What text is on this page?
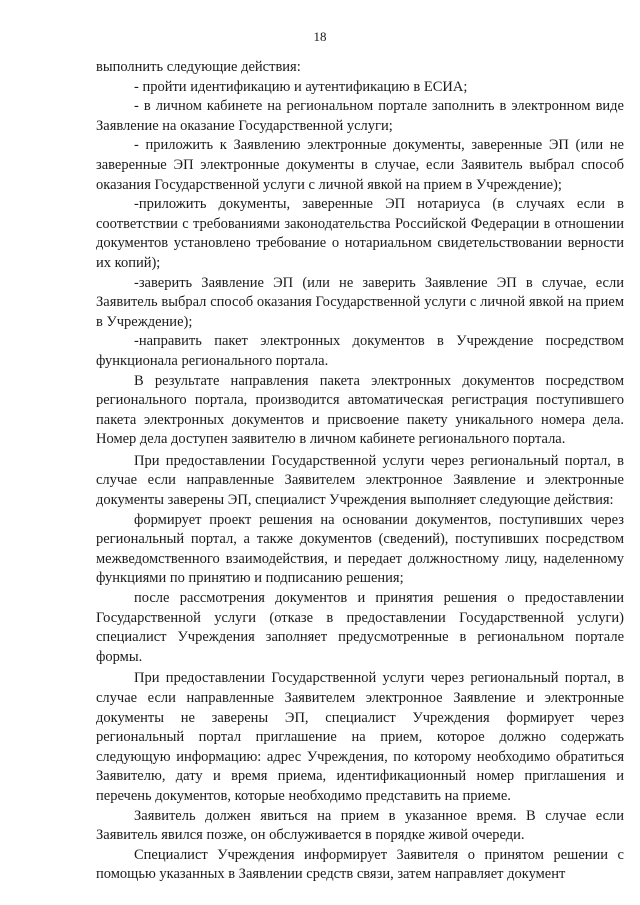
18

выполнить следующие действия:

- пройти идентификацию и аутентификацию в ЕСИА;

- в личном кабинете на региональном портале заполнить в электронном виде Заявление на оказание Государственной услуги;

- приложить к Заявлению электронные документы, заверенные ЭП (или не заверенные ЭП электронные документы в случае, если Заявитель выбрал способ оказания Государственной услуги с личной явкой на прием в Учреждение);

-приложить документы, заверенные ЭП нотариуса (в случаях если в соответствии с требованиями законодательства Российской Федерации в отношении документов установлено требование о нотариальном свидетельствовании верности их копий);

-заверить Заявление ЭП (или не заверить Заявление ЭП в случае, если Заявитель выбрал способ оказания Государственной услуги с личной явкой на прием в Учреждение);

-направить пакет электронных документов в Учреждение посредством функционала регионального портала.

В результате направления пакета электронных документов посредством регионального портала, производится автоматическая регистрация поступившего пакета электронных документов и присвоение пакету уникального номера дела. Номер дела доступен заявителю в личном кабинете регионального портала.

При предоставлении Государственной услуги через региональный портал, в случае если направленные Заявителем электронное Заявление и электронные документы заверены ЭП, специалист Учреждения выполняет следующие действия:

формирует проект решения на основании документов, поступивших через региональный портал, а также документов (сведений), поступивших посредством межведомственного взаимодействия, и передает должностному лицу, наделенному функциями по принятию и подписанию решения;

после рассмотрения документов и принятия решения о предоставлении Государственной услуги (отказе в предоставлении Государственной услуги) специалист Учреждения заполняет предусмотренные в региональном портале формы.

При предоставлении Государственной услуги через региональный портал, в случае если направленные Заявителем электронное Заявление и электронные документы не заверены ЭП, специалист Учреждения формирует через региональный портал приглашение на прием, которое должно содержать следующую информацию: адрес Учреждения, по которому необходимо обратиться Заявителю, дату и время приема, идентификационный номер приглашения и перечень документов, которые необходимо представить на приеме.

Заявитель должен явиться на прием в указанное время. В случае если Заявитель явился позже, он обслуживается в порядке живой очереди.

Специалист Учреждения информирует Заявителя о принятом решении с помощью указанных в Заявлении средств связи, затем направляет документ
